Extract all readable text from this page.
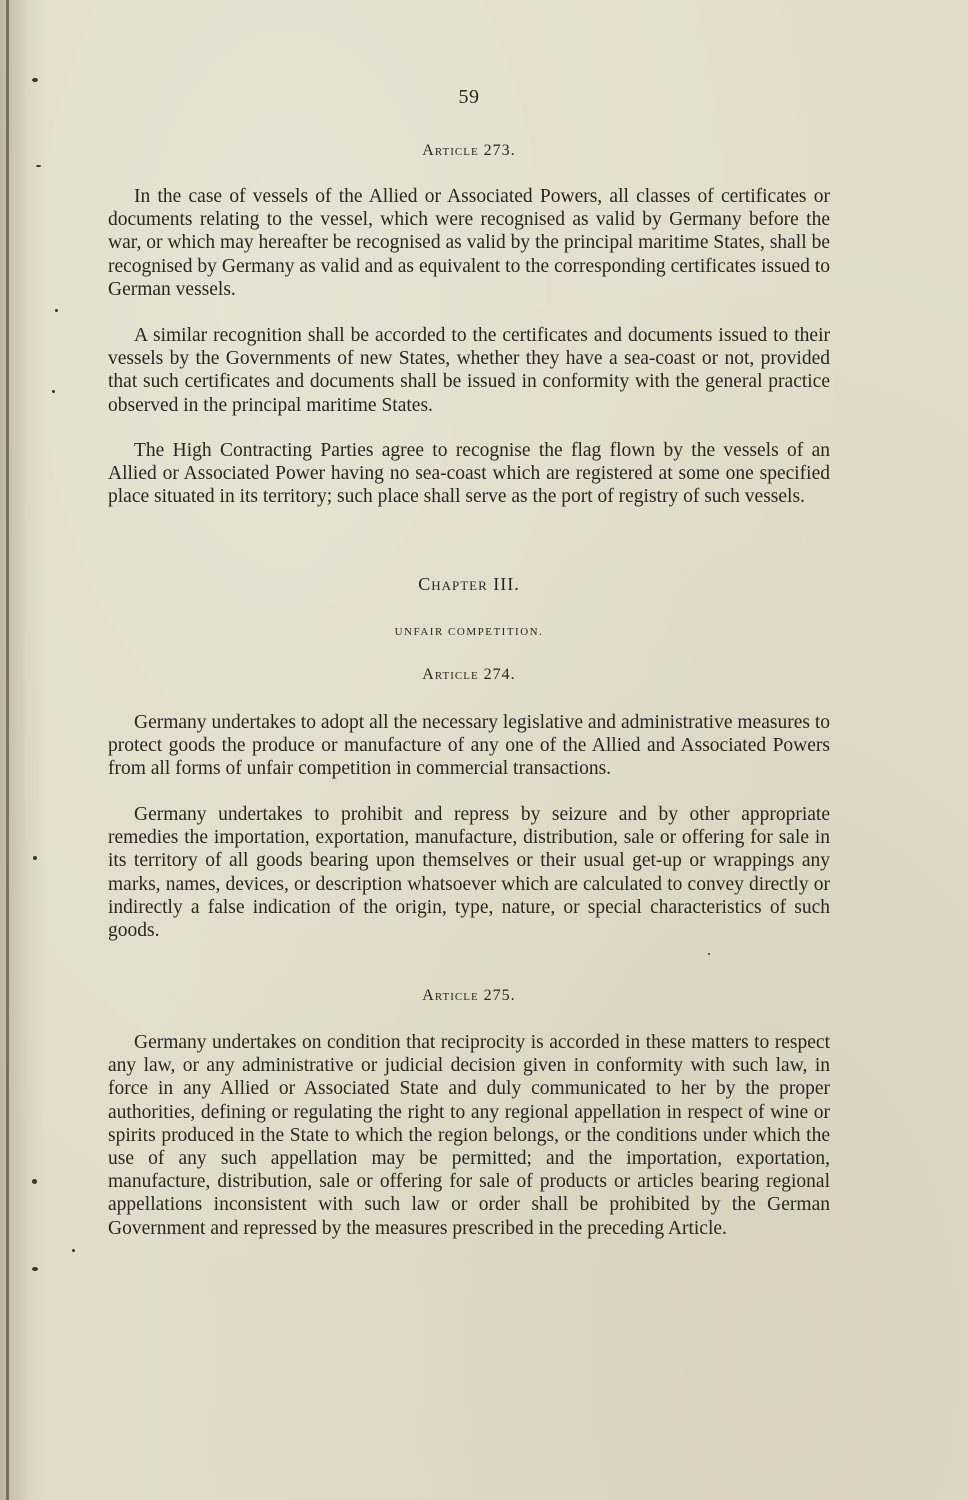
59
Article 273.

In the case of vessels of the Allied or Associated Powers, all classes of certificates or documents relating to the vessel, which were recognised as valid by Germany before the war, or which may hereafter be recognised as valid by the principal maritime States, shall be recognised by Germany as valid and as equivalent to the corresponding certificates issued to German vessels.

A similar recognition shall be accorded to the certificates and documents issued to their vessels by the Governments of new States, whether they have a sea-coast or not, provided that such certificates and documents shall be issued in conformity with the general practice observed in the principal maritime States.

The High Contracting Parties agree to recognise the flag flown by the vessels of an Allied or Associated Power having no sea-coast which are registered at some one specified place situated in its territory; such place shall serve as the port of registry of such vessels.

Chapter III.
UNFAIR COMPETITION.
Article 274.

Germany undertakes to adopt all the necessary legislative and administrative measures to protect goods the produce or manufacture of any one of the Allied and Associated Powers from all forms of unfair competition in commercial transactions.

Germany undertakes to prohibit and repress by seizure and by other appropriate remedies the importation, exportation, manufacture, distribution, sale or offering for sale in its territory of all goods bearing upon themselves or their usual get-up or wrappings any marks, names, devices, or description whatsoever which are calculated to convey directly or indirectly a false indication of the origin, type, nature, or special characteristics of such goods.

Article 275.

Germany undertakes on condition that reciprocity is accorded in these matters to respect any law, or any administrative or judicial decision given in conformity with such law, in force in any Allied or Associated State and duly communicated to her by the proper authorities, defining or regulating the right to any regional appellation in respect of wine or spirits produced in the State to which the region belongs, or the conditions under which the use of any such appellation may be permitted; and the importation, exportation, manufacture, distribution, sale or offering for sale of products or articles bearing regional appellations inconsistent with such law or order shall be prohibited by the German Government and repressed by the measures prescribed in the preceding Article.
